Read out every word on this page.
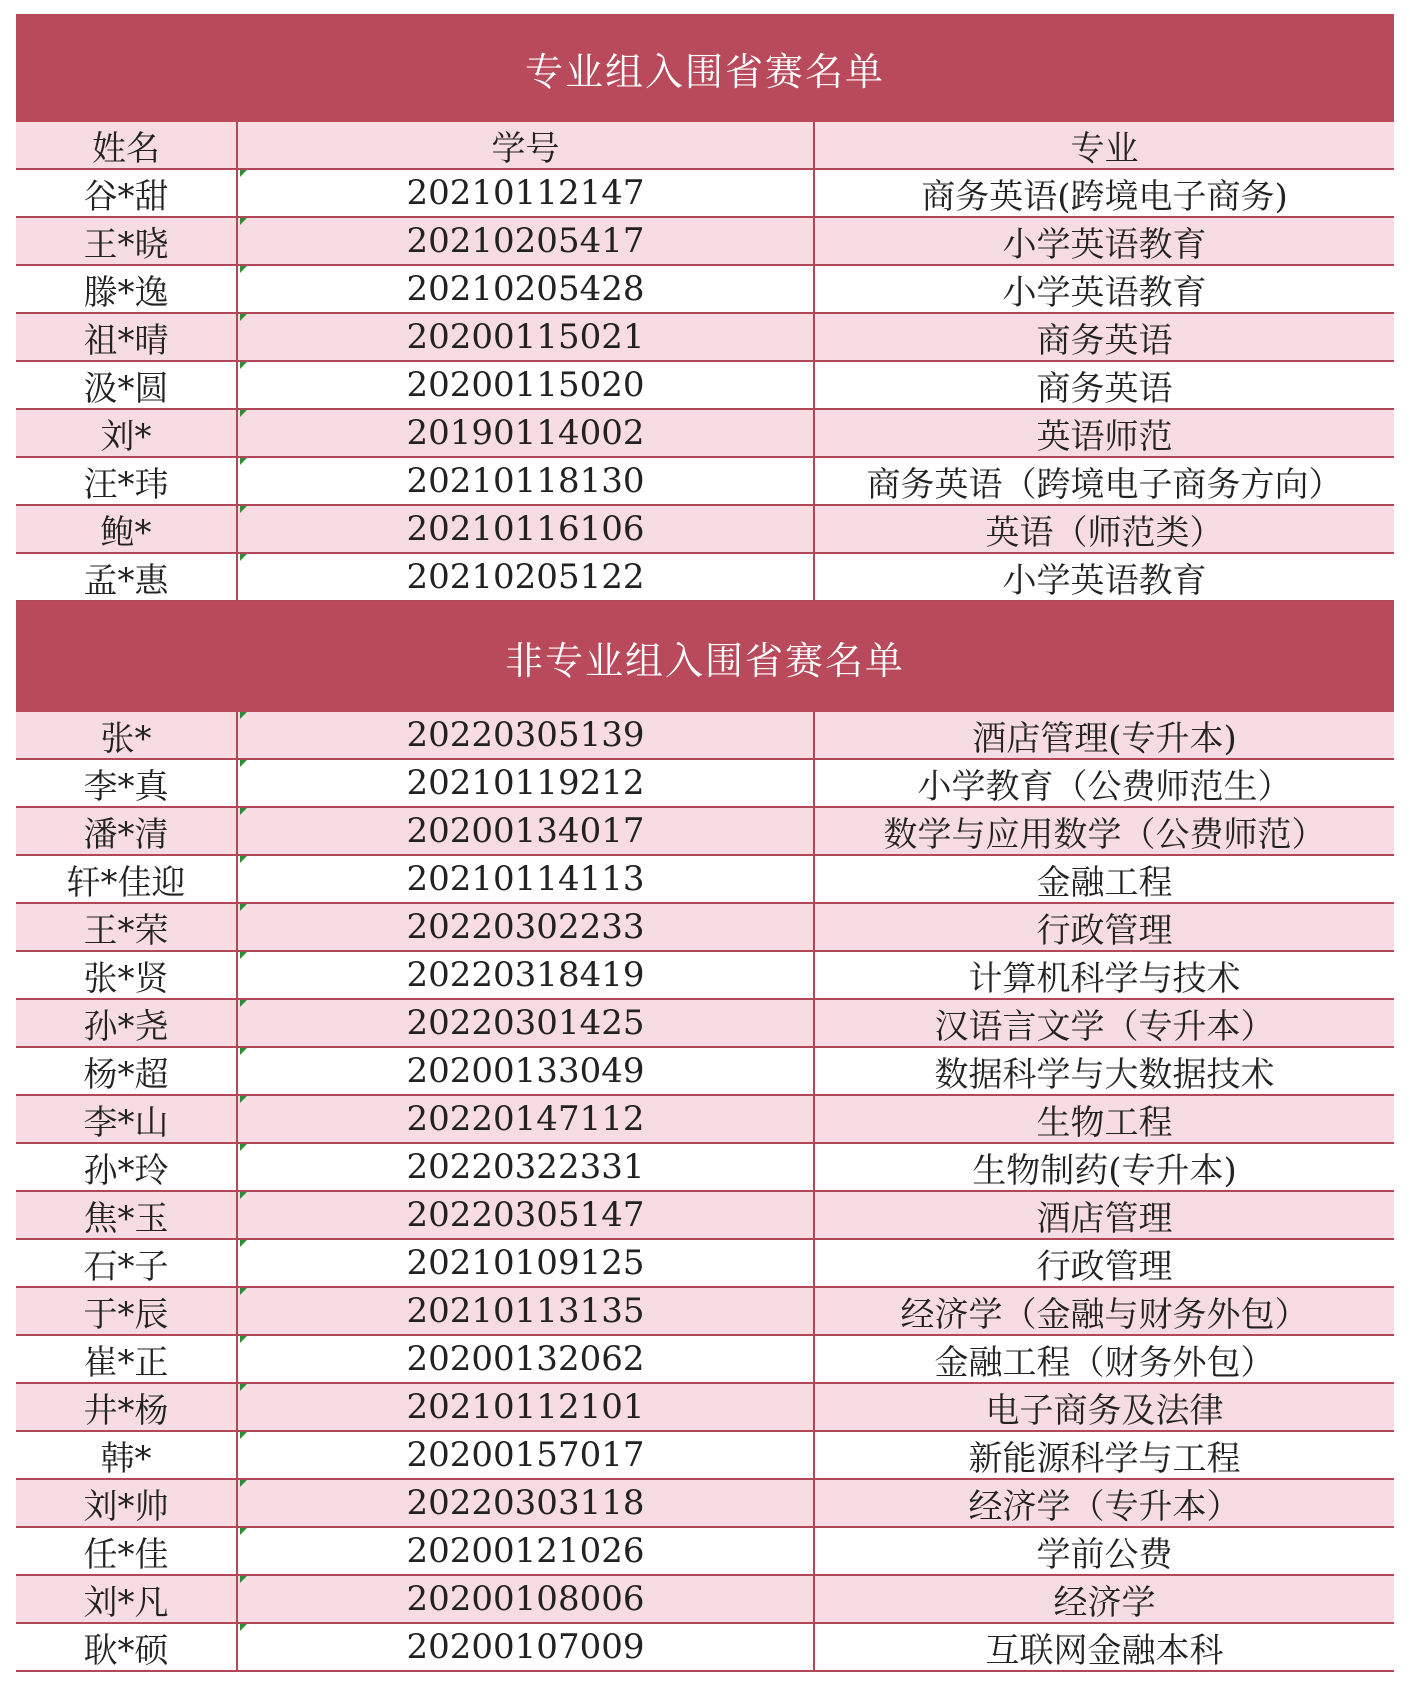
专业组入围省赛名单
姓名	学号	专业
谷*甜	20210112147	商务英语(跨境电子商务)
王*晓	20210205417	小学英语教育
滕*逸	20210205428	小学英语教育
祖*晴	20200115021	商务英语
汲*圆	20200115020	商务英语
刘*	20190114002	英语师范
汪*玮	20210118130	商务英语（跨境电子商务方向）
鲍*	20210116106	英语（师范类）
孟*惠	20210205122	小学英语教育
非专业组入围省赛名单
张*	20220305139	酒店管理(专升本)
李*真	20210119212	小学教育（公费师范生）
潘*清	20200134017	数学与应用数学（公费师范）
轩*佳迎	20210114113	金融工程
王*荣	20220302233	行政管理
张*贤	20220318419	计算机科学与技术
孙*尧	20220301425	汉语言文学（专升本）
杨*超	20200133049	数据科学与大数据技术
李*山	20220147112	生物工程
孙*玲	20220322331	生物制药(专升本)
焦*玉	20220305147	酒店管理
石*子	20210109125	行政管理
于*辰	20210113135	经济学（金融与财务外包）
崔*正	20200132062	金融工程（财务外包）
井*杨	20210112101	电子商务及法律
韩*	20200157017	新能源科学与工程
刘*帅	20220303118	经济学（专升本）
任*佳	20200121026	学前公费
刘*凡	20200108006	经济学
耿*硕	20200107009	互联网金融本科
